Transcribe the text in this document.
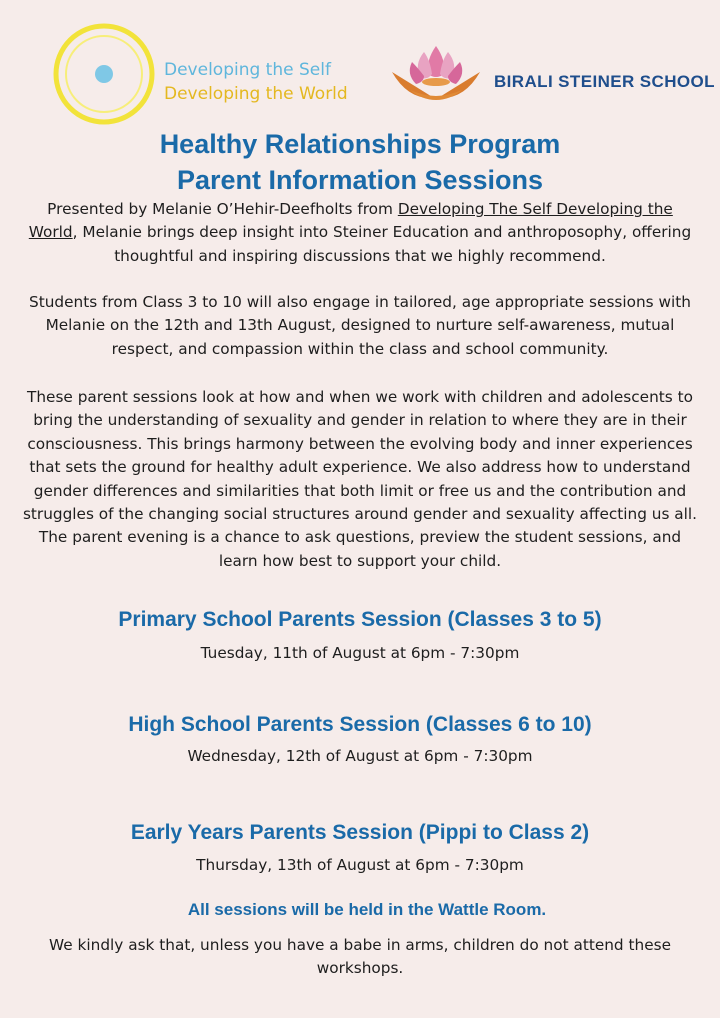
Developing the Self
Developing the World
BIRALI STEINER SCHOOL
Healthy Relationships Program
Parent Information Sessions
Presented by Melanie O’Hehir-Deefholts from Developing The Self Developing the World, Melanie brings deep insight into Steiner Education and anthroposophy, offering thoughtful and inspiring discussions that we highly recommend.
Students from Class 3 to 10 will also engage in tailored, age appropriate sessions with Melanie on the 12th and 13th August, designed to nurture self-awareness, mutual respect, and compassion within the class and school community.
These parent sessions look at how and when we work with children and adolescents to bring the understanding of sexuality and gender in relation to where they are in their consciousness. This brings harmony between the evolving body and inner experiences that sets the ground for healthy adult experience. We also address how to understand gender differences and similarities that both limit or free us and the contribution and struggles of the changing social structures around gender and sexuality affecting us all.
The parent evening is a chance to ask questions, preview the student sessions, and learn how best to support your child.
Primary School Parents Session (Classes 3 to 5)
Tuesday, 11th of August at 6pm - 7:30pm
High School Parents Session (Classes 6 to 10)
Wednesday, 12th of August at 6pm - 7:30pm
Early Years Parents Session (Pippi to Class 2)
Thursday, 13th of August at 6pm - 7:30pm
All sessions will be held in the Wattle Room.
We kindly ask that, unless you have a babe in arms, children do not attend these workshops.
